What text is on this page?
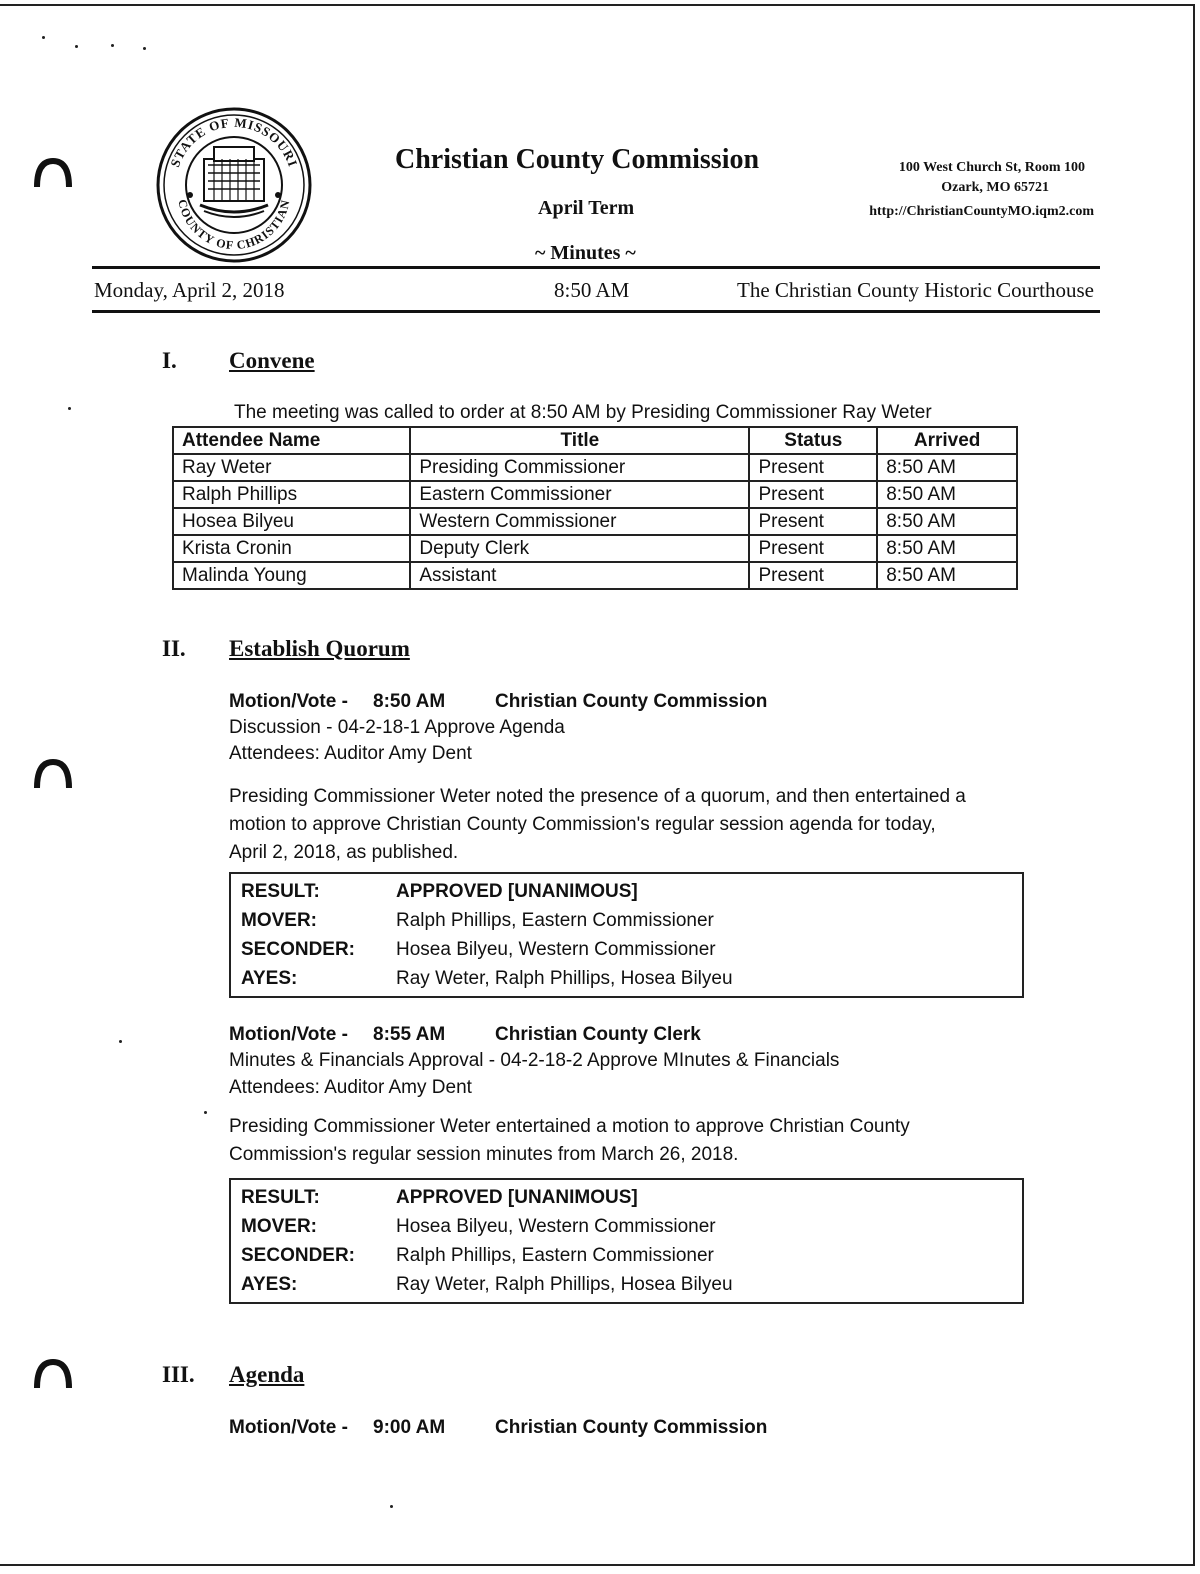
STATE OF MISSOURI
COUNTY OF CHRISTIAN
Christian County Commission
April Term
~ Minutes ~
100 West Church St, Room 100
Ozark, MO 65721
http://ChristianCountyMO.iqm2.com
Monday, April 2, 2018	8:50 AM	The Christian County Historic Courthouse
I. Convene
The meeting was called to order at 8:50 AM by Presiding Commissioner Ray Weter
Attendee Name	Title	Status	Arrived
Ray Weter	Presiding Commissioner	Present	8:50 AM
Ralph Phillips	Eastern Commissioner	Present	8:50 AM
Hosea Bilyeu	Western Commissioner	Present	8:50 AM
Krista Cronin	Deputy Clerk	Present	8:50 AM
Malinda Young	Assistant	Present	8:50 AM
II. Establish Quorum
Motion/Vote - 8:50 AM	Christian County Commission
Discussion - 04-2-18-1 Approve Agenda
Attendees: Auditor Amy Dent
Presiding Commissioner Weter noted the presence of a quorum, and then entertained a
motion to approve Christian County Commission's regular session agenda for today,
April 2, 2018, as published.
RESULT:	APPROVED [UNANIMOUS]
MOVER:	Ralph Phillips, Eastern Commissioner
SECONDER: Hosea Bilyeu, Western Commissioner
AYES:	Ray Weter, Ralph Phillips, Hosea Bilyeu
Motion/Vote - 8:55 AM	Christian County Clerk
Minutes & Financials Approval - 04-2-18-2 Approve MInutes & Financials
Attendees: Auditor Amy Dent
Presiding Commissioner Weter entertained a motion to approve Christian County
Commission's regular session minutes from March 26, 2018.
RESULT:	APPROVED [UNANIMOUS]
MOVER:	Hosea Bilyeu, Western Commissioner
SECONDER: Ralph Phillips, Eastern Commissioner
AYES:	Ray Weter, Ralph Phillips, Hosea Bilyeu
III. Agenda
Motion/Vote - 9:00 AM	Christian County Commission
